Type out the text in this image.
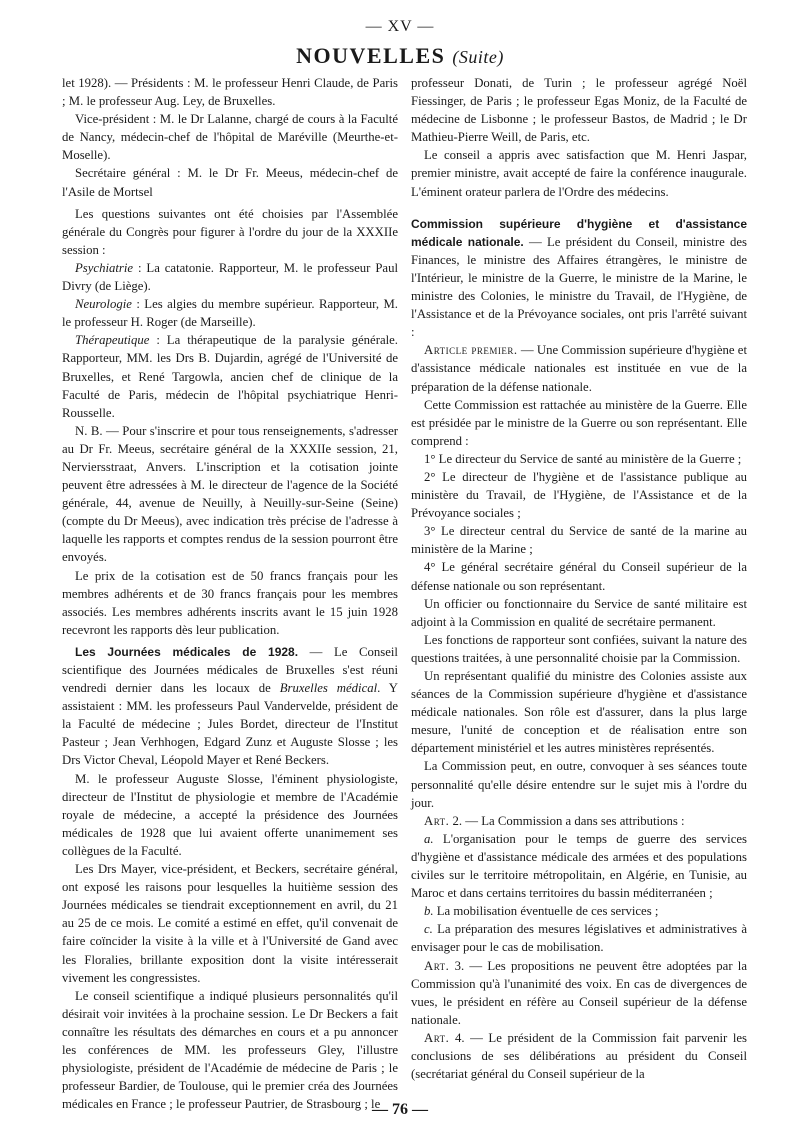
— XV —
NOUVELLES (Suite)

let 1928). — Présidents : M. le professeur Henri Claude, de Paris ; M. le professeur Aug. Ley, de Bruxelles.

Vice-président : M. le Dr Lalanne, chargé de cours à la Faculté de Nancy, médecin-chef de l'hôpital de Maréville (Meurthe-et-Moselle).

Secrétaire général : M. le Dr Fr. Meeus, médecin-chef de l'Asile de Mortsel

Les questions suivantes ont été choisies par l'Assemblée générale du Congrès pour figurer à l'ordre du jour de la XXXIIe session :

Psychiatrie : La catatonie. Rapporteur, M. le professeur Paul Divry (de Liège).

Neurologie : Les algies du membre supérieur. Rapporteur, M. le professeur H. Roger (de Marseille).

Thérapeutique : La thérapeutique de la paralysie générale. Rapporteur, MM. les Drs B. Dujardin, agrégé de l'Université de Bruxelles, et René Targowla, ancien chef de clinique de la Faculté de Paris, médecin de l'hôpital psychiatrique Henri-Rousselle.

N. B. — Pour s'inscrire et pour tous renseignements, s'adresser au Dr Fr. Meeus, secrétaire général de la XXXIIe session, 21, Nerviersstraat, Anvers. L'inscription et la cotisation jointe peuvent être adressées à M. le directeur de l'agence de la Société générale, 44, avenue de Neuilly, à Neuilly-sur-Seine (Seine) (compte du Dr Meeus), avec indication très précise de l'adresse à laquelle les rapports et comptes rendus de la session pourront être envoyés.

Le prix de la cotisation est de 50 francs français pour les membres adhérents et de 30 francs français pour les membres associés. Les membres adhérents inscrits avant le 15 juin 1928 recevront les rapports dès leur publication.

Les Journées médicales de 1928. — Le Conseil scientifique des Journées médicales de Bruxelles s'est réuni vendredi dernier dans les locaux de Bruxelles médical. Y assistaient : MM. les professeurs Paul Vandervelde, président de la Faculté de médecine ; Jules Bordet, directeur de l'Institut Pasteur ; Jean Verhhogen, Edgard Zunz et Auguste Slosse ; les Drs Victor Cheval, Léopold Mayer et René Beckers.

M. le professeur Auguste Slosse, l'éminent physiologiste, directeur de l'Institut de physiologie et membre de l'Académie royale de médecine, a accepté la présidence des Journées médicales de 1928 que lui avaient offerte unanimement ses collègues de la Faculté.

Les Drs Mayer, vice-président, et Beckers, secrétaire général, ont exposé les raisons pour lesquelles la huitième session des Journées médicales se tiendrait exceptionnement en avril, du 21 au 25 de ce mois. Le comité a estimé en effet, qu'il convenait de faire coïncider la visite à la ville et à l'Université de Gand avec les Floralies, brillante exposition dont la visite intéresserait vivement les congressistes.

Le conseil scientifique a indiqué plusieurs personnalités qu'il désirait voir invitées à la prochaine session. Le Dr Beckers a fait connaître les résultats des démarches en cours et a pu annoncer les conférences de MM. les professeurs Gley, l'illustre physiologiste, président de l'Académie de médecine de Paris ; le professeur Bardier, de Toulouse, qui le premier créa des Journées médicales en France ; le professeur Pautrier, de Strasbourg ; le

professeur Donati, de Turin ; le professeur agrégé Noël Fiessinger, de Paris ; le professeur Egas Moniz, de la Faculté de médecine de Lisbonne ; le professeur Bastos, de Madrid ; le Dr Mathieu-Pierre Weill, de Paris, etc.

Le conseil a appris avec satisfaction que M. Henri Jaspar, premier ministre, avait accepté de faire la conférence inaugurale. L'éminent orateur parlera de l'Ordre des médecins.

Commission supérieure d'hygiène et d'assistance médicale nationale. — Le président du Conseil, ministre des Finances, le ministre des Affaires étrangères, le ministre de l'Intérieur, le ministre de la Guerre, le ministre de la Marine, le ministre des Colonies, le ministre du Travail, de l'Hygiène, de l'Assistance et de la Prévoyance sociales, ont pris l'arrêté suivant :

Article premier. — Une Commission supérieure d'hygiène et d'assistance médicale nationales est instituée en vue de la préparation de la défense nationale.

Cette Commission est rattachée au ministère de la Guerre. Elle est présidée par le ministre de la Guerre ou son représentant. Elle comprend :

1° Le directeur du Service de santé au ministère de la Guerre ;

2° Le directeur de l'hygiène et de l'assistance publique au ministère du Travail, de l'Hygiène, de l'Assistance et de la Prévoyance sociales ;

3° Le directeur central du Service de santé de la marine au ministère de la Marine ;

4° Le général secrétaire général du Conseil supérieur de la défense nationale ou son représentant.

Un officier ou fonctionnaire du Service de santé militaire est adjoint à la Commission en qualité de secrétaire permanent.

Les fonctions de rapporteur sont confiées, suivant la nature des questions traitées, à une personnalité choisie par la Commission.

Un représentant qualifié du ministre des Colonies assiste aux séances de la Commission supérieure d'hygiène et d'assistance médicale nationales. Son rôle est d'assurer, dans la plus large mesure, l'unité de conception et de réalisation entre son département ministériel et les autres ministères représentés.

La Commission peut, en outre, convoquer à ses séances toute personnalité qu'elle désire entendre sur le sujet mis à l'ordre du jour.

Art. 2. — La Commission a dans ses attributions :

a. L'organisation pour le temps de guerre des services d'hygiène et d'assistance médicale des armées et des populations civiles sur le territoire métropolitain, en Algérie, en Tunisie, au Maroc et dans certains territoires du bassin méditerranéen ;

b. La mobilisation éventuelle de ces services ;

c. La préparation des mesures législatives et administratives à envisager pour le cas de mobilisation.

Art. 3. — Les propositions ne peuvent être adoptées par la Commission qu'à l'unanimité des voix. En cas de divergences de vues, le président en réfère au Conseil supérieur de la défense nationale.

Art. 4. — Le président de la Commission fait parvenir les conclusions de ses délibérations au président du Conseil (secrétariat général du Conseil supérieur de la

— 76 —
